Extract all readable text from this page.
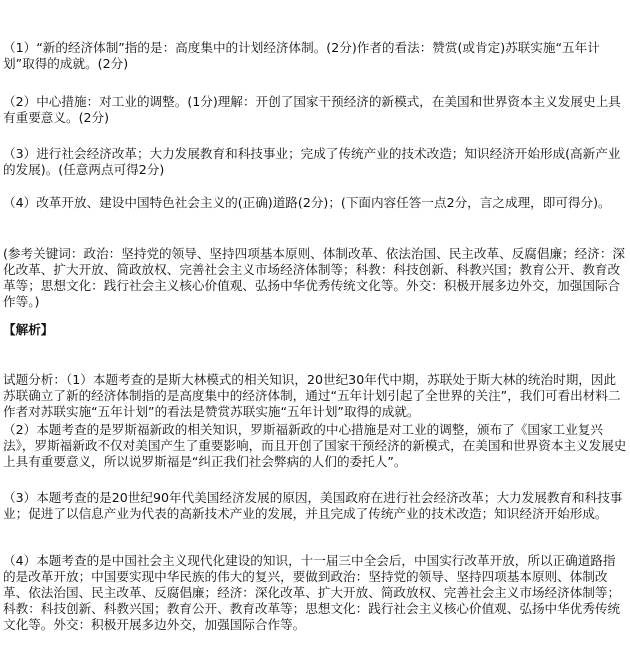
（1）“新的经济体制”指的是：高度集中的计划经济体制。(2分)作者的看法：赞赏(或肯定)苏联实施“五年计划”取得的成就。(2分)

（2）中心措施：对工业的调整。(1分)理解：开创了国家干预经济的新模式，在美国和世界资本主义发展史上具有重要意义。(2分)

（3）进行社会经济改革；大力发展教育和科技事业；完成了传统产业的技术改造；知识经济开始形成(高新产业的发展)。(任意两点可得2分)

（4）改革开放、建设中国特色社会主义的(正确)道路(2分)；(下面内容任答一点2分，言之成理，即可得分)。

(参考关键词：政治：坚持党的领导、坚持四项基本原则、体制改革、依法治国、民主改革、反腐倡廉；经济：深化改革、扩大开放、简政放权、完善社会主义市场经济体制等；科教：科技创新、科教兴国；教育公开、教育改革等；思想文化：践行社会主义核心价值观、弘扬中华优秀传统文化等。外交：积极开展多边外交，加强国际合作等。)

【解析】

试题分析：（1）本题考查的是斯大林模式的相关知识，20世纪30年代中期，苏联处于斯大林的统治时期，因此苏联确立了新的经济体制指的是高度集中的经济体制，通过“五年计划引起了全世界的关注”，我们可看出材料二作者对苏联实施“五年计划”的看法是赞赏苏联实施“五年计划”取得的成就。

（2）本题考查的是罗斯福新政的相关知识，罗斯福新政的中心措施是对工业的调整，颁布了《国家工业复兴法》，罗斯福新政不仅对美国产生了重要影响，而且开创了国家干预经济的新模式，在美国和世界资本主义发展史上具有重要意义，所以说罗斯福是“纠正我们社会弊病的人们的委托人”。

（3）本题考查的是20世纪90年代美国经济发展的原因，美国政府在进行社会经济改革；大力发展教育和科技事业；促进了以信息产业为代表的高新技术产业的发展，并且完成了传统产业的技术改造；知识经济开始形成。

（4）本题考查的是中国社会主义现代化建设的知识，十一届三中全会后，中国实行改革开放，所以正确道路指的是改革开放；中国要实现中华民族的伟大的复兴，要做到政治：坚持党的领导、坚持四项基本原则、体制改革、依法治国、民主改革、反腐倡廉；经济：深化改革、扩大开放、简政放权、完善社会主义市场经济体制等；科教：科技创新、科教兴国；教育公开、教育改革等；思想文化：践行社会主义核心价值观、弘扬中华优秀传统文化等。外交：积极开展多边外交，加强国际合作等。
